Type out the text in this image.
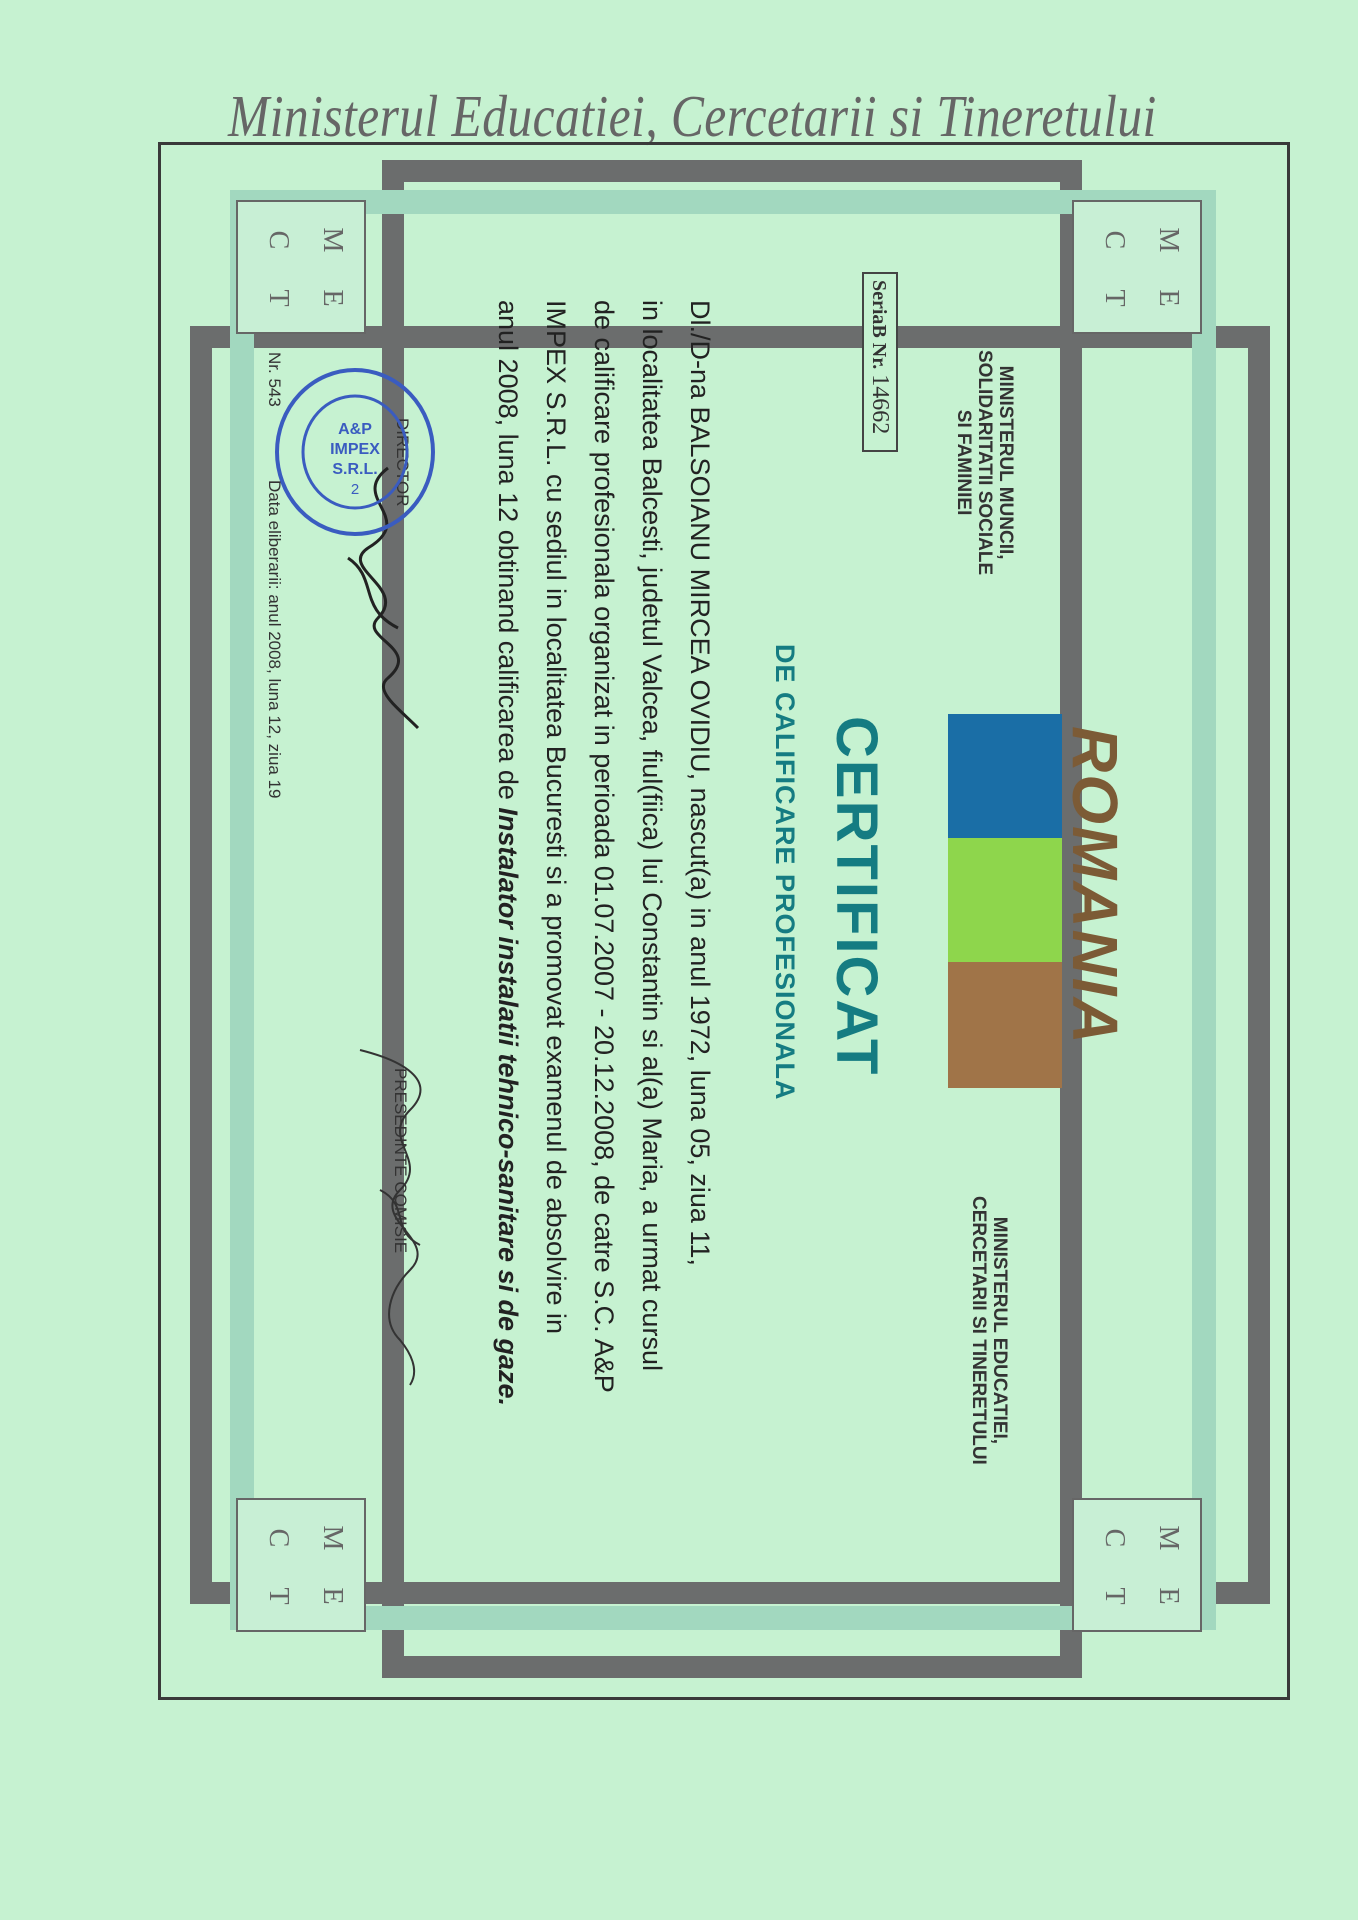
Ministerul Educatiei, Cercetarii si Tineretului
M
E
C
T
M
E
C
T
M
E
C
T
M
E
C
T
ROMANIA
MINISTERUL MUNCII,
SOLIDARITATII SOCIALE
SI FAMINIEI
MINISTERUL EDUCATIEI,
CERCETARII SI TINERETULUI
SeriaB Nr. 14662
CERTIFICAT
DE CALIFICARE PROFESIONALA
Dl./D-na BALSOIANU MIRCEA OVIDIU, nascut(a) in anul 1972, luna 05, ziua 11,
in localitatea Balcesti, judetul Valcea, fiul(fiica) lui Constantin si al(a) Maria, a urmat cursul
de calificare profesionala organizat in perioada 01.07.2007 - 20.12.2008, de catre S.C. A&P
IMPEX S.R.L. cu sediul in localitatea Bucuresti si a promovat examenul de absolvire in
anul 2008, luna 12 obtinand calificarea de Instalator instalatii tehnico-sanitare si de gaze.
DIRECTOR
PRESEDINTE COMISIE
A&P
IMPEX
S.R.L.
2
Nr. 543
Data eliberarii: anul 2008, luna 12, ziua 19
